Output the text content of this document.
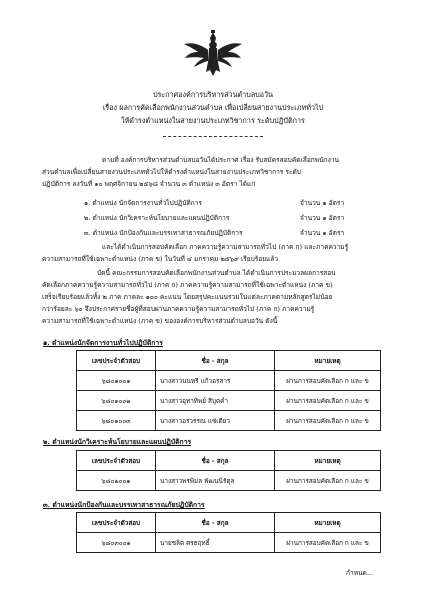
ประกาศองค์การบริหารส่วนตำบลบอวัน
เรื่อง ผลการคัดเลือกพนักงานส่วนตำบล เพื่อเปลี่ยนสายงานประเภททั่วไป
ให้ดำรงตำแหน่งในสายงานประเภทวิชาการ ระดับปฏิบัติการ
ตามที่ องค์การบริหารส่วนตำบลบอวันได้ประกาศ เรื่อง รับสมัครสอบคัดเลือกพนักงาน
ส่วนตำบลเพื่อเปลี่ยนสายงานประเภททั่วไปให้ดำรงตำแหน่งในสายงานประเภทวิชาการ ระดับ
ปฏิบัติการ ลงวันที่ ๑๐ พฤศจิกายน ๒๕๖๘ จำนวน ๓ ตำแหน่ง ๓ อัตรา ได้แก่
๑. ตำแหน่ง นักจัดการงานทั่วไปปฏิบัติการ	จำนวน ๑ อัตรา
๒. ตำแหน่ง นักวิเคราะห์นโยบายและแผนปฏิบัติการ	จำนวน ๑ อัตรา
๓. ตำแหน่ง นักป้องกันและบรรเทาสาธารณภัยปฏิบัติการ	จำนวน ๑ อัตรา
และได้ดำเนินการสอบคัดเลือก ภาคความรู้ความสามารถทั่วไป (ภาค ก) และภาคความรู้
ความสามารถที่ใช้เฉพาะตำแหน่ง (ภาค ข) ในวันที่ ๔ มกราคม ๒๕๖๙ เรียบร้อยแล้ว
บัดนี้ คณะกรรมการสอบคัดเลือกพนักงานส่วนตำบล ได้ดำเนินการประมวลผลการสอบ
คัดเลือกภาคความรู้ความสามารถทั่วไป (ภาค ก) ภาคความรู้ความสามารถที่ใช้เฉพาะตำแหน่ง (ภาค ข)
เสร็จเรียบร้อยแล้วทั้ง ๒ ภาค ภาคละ ๑๐๐ คะแนน โดยสรุปคะแนนรวมในแต่ละภาคตามหลักสูตรไม่น้อย
กว่าร้อยละ ๖๐ จึงประกาศรายชื่อผู้ที่สอบผ่านภาคความรู้ความสามารถทั่วไป (ภาค ก) ภาคความรู้
ความสามารถที่ใช้เฉพาะตำแหน่ง (ภาค ข) ขององค์การบริหารส่วนตำบลบอวัน ดังนี้
๑. ตำแหน่งนักจัดการงานทั่วไปปฏิบัติการ
เลขประจำตัวสอบ	ชื่อ - สกุล	หมายเหตุ
๖๘๐๑๐๐๑	นางสาวนนทรี แก้วอรสาร	ผ่านการสอบคัดเลือก ก และ ข
๖๘๐๑๐๐๒	นางสาวอุทาทิพย์ สีบุตคำ	ผ่านการสอบคัดเลือก ก และ ข
๖๘๐๑๐๐๓	นางสาวอรวรรณ แซ่เตียว	ผ่านการสอบคัดเลือก ก และ ข
๒. ตำแหน่งนักวิเคราะห์นโยบายและแผนปฏิบัติการ
เลขประจำตัวสอบ	ชื่อ - สกุล	หมายเหตุ
๖๘๐๒๐๐๑	นางสาวพรพิมล พัฒนนิรัตุล	ผ่านการสอบคัดเลือก ก และ ข
๓. ตำแหน่งนักป้องกันและบรรเทาสาธารณภัยปฏิบัติการ
เลขประจำตัวสอบ	ชื่อ - สกุล	หมายเหตุ
๖๘๐๓๐๐๑	นายชลิต ศรธฤทธิ์	ผ่านการสอบคัดเลือก ก และ ข
กำหนด...
